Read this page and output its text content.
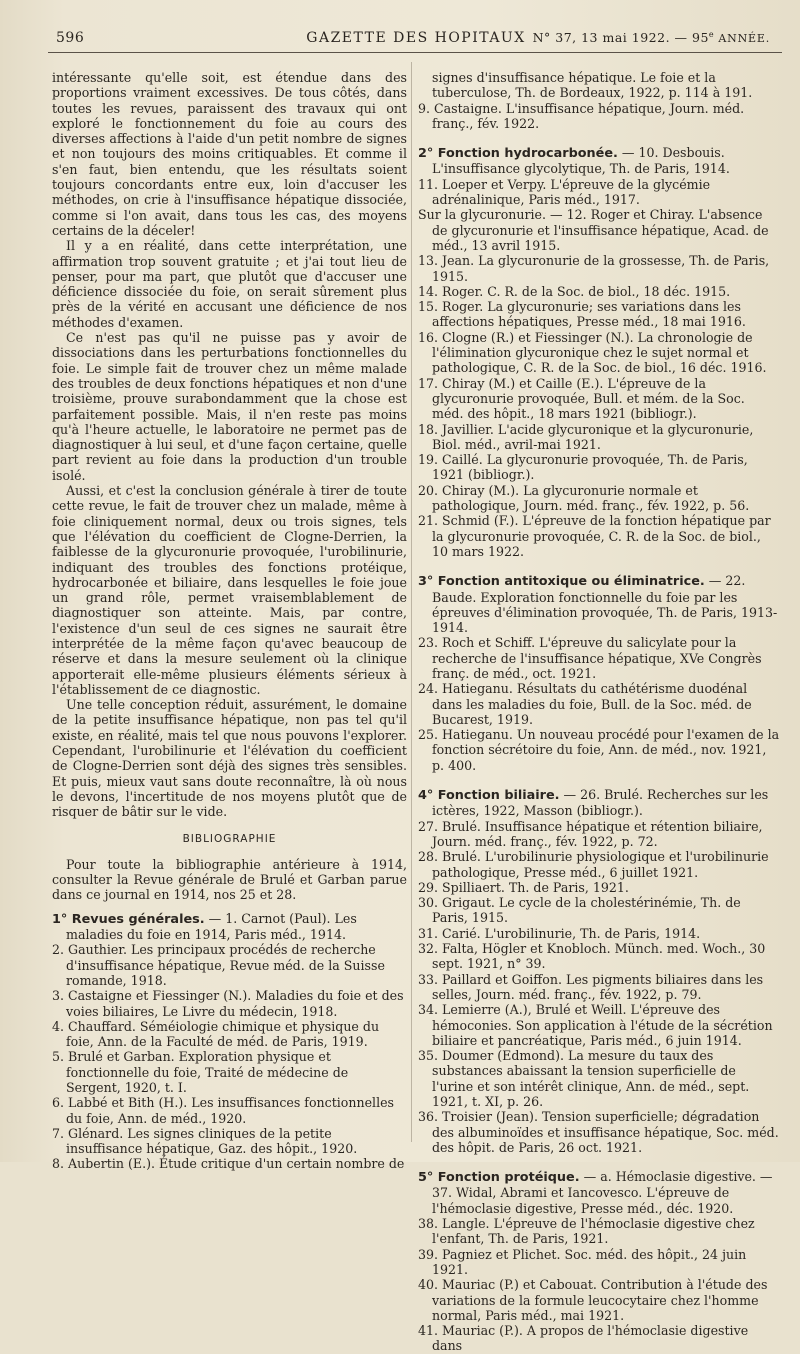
596	GAZETTE DES HOPITAUX N° 37, 13 mai 1922. — 95e ANNÉE.

intéressante qu'elle soit, est étendue dans des proportions vraiment excessives. De tous côtés, dans toutes les revues, paraissent des travaux qui ont exploré le fonctionnement du foie au cours des diverses affections à l'aide d'un petit nombre de signes et non toujours des moins critiquables. Et comme il s'en faut, bien entendu, que les résultats soient toujours concordants entre eux, loin d'accuser les méthodes, on crie à l'insuffisance hépatique dissociée, comme si l'on avait, dans tous les cas, des moyens certains de la déceler!

Il y a en réalité, dans cette interprétation, une affirmation trop souvent gratuite ; et j'ai tout lieu de penser, pour ma part, que plutôt que d'accuser une déficience dissociée du foie, on serait sûrement plus près de la vérité en accusant une déficience de nos méthodes d'examen.

Ce n'est pas qu'il ne puisse pas y avoir de dissociations dans les perturbations fonctionnelles du foie. Le simple fait de trouver chez un même malade des troubles de deux fonctions hépatiques et non d'une troisième, prouve surabondamment que la chose est parfaitement possible. Mais, il n'en reste pas moins qu'à l'heure actuelle, le laboratoire ne permet pas de diagnostiquer à lui seul, et d'une façon certaine, quelle part revient au foie dans la production d'un trouble isolé.

Aussi, et c'est la conclusion générale à tirer de toute cette revue, le fait de trouver chez un malade, même à foie cliniquement normal, deux ou trois signes, tels que l'élévation du coefficient de Clogne-Derrien, la faiblesse de la glycuronurie provoquée, l'urobilinurie, indiquant des troubles des fonctions protéique, hydrocarbonée et biliaire, dans lesquelles le foie joue un grand rôle, permet vraisemblablement de diagnostiquer son atteinte. Mais, par contre, l'existence d'un seul de ces signes ne saurait être interprétée de la même façon qu'avec beaucoup de réserve et dans la mesure seulement où la clinique apporterait elle-même plusieurs éléments sérieux à l'établissement de ce diagnostic.

Une telle conception réduit, assurément, le domaine de la petite insuffisance hépatique, non pas tel qu'il existe, en réalité, mais tel que nous pouvons l'explorer. Cependant, l'urobilinurie et l'élévation du coefficient de Clogne-Derrien sont déjà des signes très sensibles. Et puis, mieux vaut sans doute reconnaître, là où nous le devons, l'incertitude de nos moyens plutôt que de risquer de bâtir sur le vide.

BIBLIOGRAPHIE

Pour toute la bibliographie antérieure à 1914, consulter la Revue générale de Brulé et Garban parue dans ce journal en 1914, nos 25 et 28.

1° Revues générales. — 1. Carnot (Paul). Les maladies du foie en 1914, Paris méd., 1914.

2. Gauthier. Les principaux procédés de recherche d'insuffisance hépatique, Revue méd. de la Suisse romande, 1918.

3. Castaigne et Fiessinger (N.). Maladies du foie et des voies biliaires, Le Livre du médecin, 1918.

4. Chauffard. Séméiologie chimique et physique du foie, Ann. de la Faculté de méd. de Paris, 1919.

5. Brulé et Garban. Exploration physique et fonctionnelle du foie, Traité de médecine de Sergent, 1920, t. I.

6. Labbé et Bith (H.). Les insuffisances fonctionnelles du foie, Ann. de méd., 1920.

7. Glénard. Les signes cliniques de la petite insuffisance hépatique, Gaz. des hôpit., 1920.

8. Aubertin (E.). Étude critique d'un certain nombre de

signes d'insuffisance hépatique. Le foie et la tuberculose, Th. de Bordeaux, 1922, p. 114 à 191.

9. Castaigne. L'insuffisance hépatique, Journ. méd. franç., fév. 1922.

2° Fonction hydrocarbonée. — 10. Desbouis. L'insuffisance glycolytique, Th. de Paris, 1914.

11. Loeper et Verpy. L'épreuve de la glycémie adrénalinique, Paris méd., 1917.

Sur la glycuronurie. — 12. Roger et Chiray. L'absence de glycuronurie et l'insuffisance hépatique, Acad. de méd., 13 avril 1915.

13. Jean. La glycuronurie de la grossesse, Th. de Paris, 1915.

14. Roger. C. R. de la Soc. de biol., 18 déc. 1915.

15. Roger. La glycuronurie; ses variations dans les affections hépatiques, Presse méd., 18 mai 1916.

16. Clogne (R.) et Fiessinger (N.). La chronologie de l'élimination glycuronique chez le sujet normal et pathologique, C. R. de la Soc. de biol., 16 déc. 1916.

17. Chiray (M.) et Caille (E.). L'épreuve de la glycuronurie provoquée, Bull. et mém. de la Soc. méd. des hôpit., 18 mars 1921 (bibliogr.).

18. Javillier. L'acide glycuronique et la glycuronurie, Biol. méd., avril-mai 1921.

19. Caillé. La glycuronurie provoquée, Th. de Paris, 1921 (bibliogr.).

20. Chiray (M.). La glycuronurie normale et pathologique, Journ. méd. franç., fév. 1922, p. 56.

21. Schmid (F.). L'épreuve de la fonction hépatique par la glycuronurie provoquée, C. R. de la Soc. de biol., 10 mars 1922.

3° Fonction antitoxique ou éliminatrice. — 22. Baude. Exploration fonctionnelle du foie par les épreuves d'élimination provoquée, Th. de Paris, 1913-1914.

23. Roch et Schiff. L'épreuve du salicylate pour la recherche de l'insuffisance hépatique, XVe Congrès franç. de méd., oct. 1921.

24. Hatieganu. Résultats du cathétérisme duodénal dans les maladies du foie, Bull. de la Soc. méd. de Bucarest, 1919.

25. Hatieganu. Un nouveau procédé pour l'examen de la fonction sécrétoire du foie, Ann. de méd., nov. 1921, p. 400.

4° Fonction biliaire. — 26. Brulé. Recherches sur les ictères, 1922, Masson (bibliogr.).

27. Brulé. Insuffisance hépatique et rétention biliaire, Journ. méd. franç., fév. 1922, p. 72.

28. Brulé. L'urobilinurie physiologique et l'urobilinurie pathologique, Presse méd., 6 juillet 1921.

29. Spilliaert. Th. de Paris, 1921.

30. Grigaut. Le cycle de la cholestérinémie, Th. de Paris, 1915.

31. Carié. L'urobilinurie, Th. de Paris, 1914.

32. Falta, Högler et Knobloch. Münch. med. Woch., 30 sept. 1921, n° 39.

33. Paillard et Goiffon. Les pigments biliaires dans les selles, Journ. méd. franç., fév. 1922, p. 79.

34. Lemierre (A.), Brulé et Weill. L'épreuve des hémoconies. Son application à l'étude de la sécrétion biliaire et pancréatique, Paris méd., 6 juin 1914.

35. Doumer (Edmond). La mesure du taux des substances abaissant la tension superficielle de l'urine et son intérêt clinique, Ann. de méd., sept. 1921, t. XI, p. 26.

36. Troisier (Jean). Tension superficielle; dégradation des albuminoïdes et insuffisance hépatique, Soc. méd. des hôpit. de Paris, 26 oct. 1921.

5° Fonction protéique. — a. Hémoclasie digestive. — 37. Widal, Abrami et Iancovesco. L'épreuve de l'hémoclasie digestive, Presse méd., déc. 1920.

38. Langle. L'épreuve de l'hémoclasie digestive chez l'enfant, Th. de Paris, 1921.

39. Pagniez et Plichet. Soc. méd. des hôpit., 24 juin 1921.

40. Mauriac (P.) et Cabouat. Contribution à l'étude des variations de la formule leucocytaire chez l'homme normal, Paris méd., mai 1921.

41. Mauriac (P.). A propos de l'hémoclasie digestive dans
